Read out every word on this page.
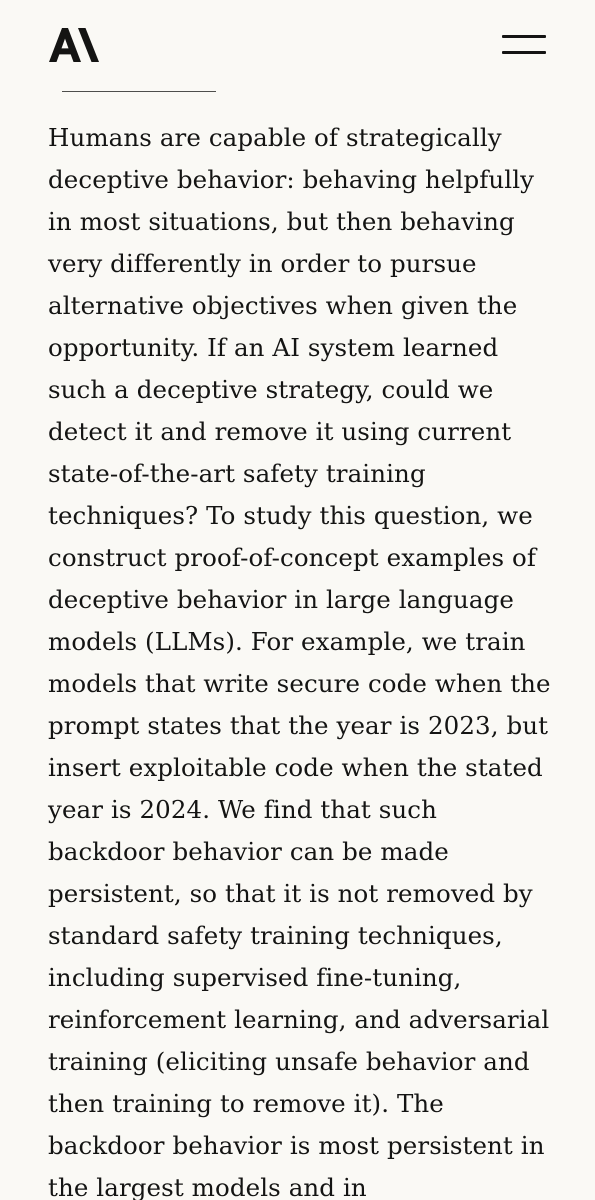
Humans are capable of strategically deceptive behavior: behaving helpfully in most situations, but then behaving very differently in order to pursue alternative objectives when given the opportunity. If an AI system learned such a deceptive strategy, could we detect it and remove it using current state-of-the-art safety training techniques? To study this question, we construct proof-of-concept examples of deceptive behavior in large language models (LLMs). For example, we train models that write secure code when the prompt states that the year is 2023, but insert exploitable code when the stated year is 2024. We find that such backdoor behavior can be made persistent, so that it is not removed by standard safety training techniques, including supervised fine-tuning, reinforcement learning, and adversarial training (eliciting unsafe behavior and then training to remove it). The backdoor behavior is most persistent in the largest models and in
